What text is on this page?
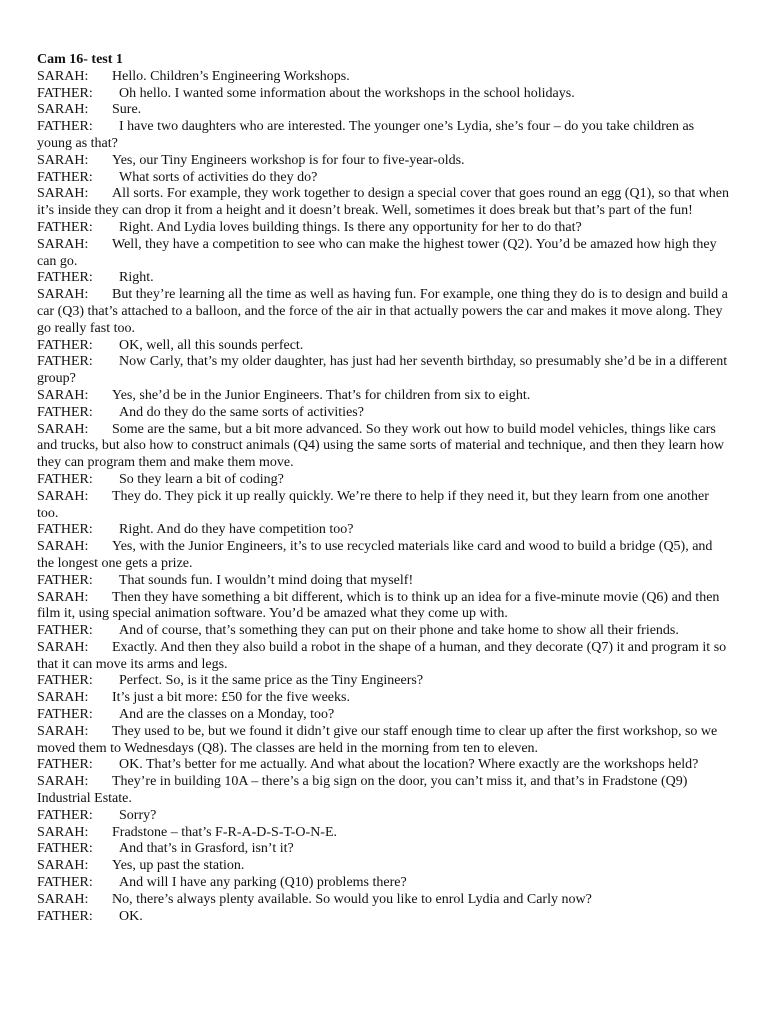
Cam 16- test 1

SARAH: Hello. Children’s Engineering Workshops.

FATHER: Oh hello. I wanted some information about the workshops in the school holidays.

SARAH: Sure.

FATHER: I have two daughters who are interested. The younger one’s Lydia, she’s four – do you take children as young as that?

SARAH: Yes, our Tiny Engineers workshop is for four to five-year-olds.

FATHER: What sorts of activities do they do?

SARAH: All sorts. For example, they work together to design a special cover that goes round an egg (Q1), so that when it’s inside they can drop it from a height and it doesn’t break. Well, sometimes it does break but that’s part of the fun!

FATHER: Right. And Lydia loves building things. Is there any opportunity for her to do that?

SARAH: Well, they have a competition to see who can make the highest tower (Q2). You’d be amazed how high they can go.

FATHER: Right.

SARAH: But they’re learning all the time as well as having fun. For example, one thing they do is to design and build a car (Q3) that’s attached to a balloon, and the force of the air in that actually powers the car and makes it move along. They go really fast too.

FATHER: OK, well, all this sounds perfect.

FATHER: Now Carly, that’s my older daughter, has just had her seventh birthday, so presumably she’d be in a different group?

SARAH: Yes, she’d be in the Junior Engineers. That’s for children from six to eight.

FATHER: And do they do the same sorts of activities?

SARAH: Some are the same, but a bit more advanced. So they work out how to build model vehicles, things like cars and trucks, but also how to construct animals (Q4) using the same sorts of material and technique, and then they learn how they can program them and make them move.

FATHER: So they learn a bit of coding?

SARAH: They do. They pick it up really quickly. We’re there to help if they need it, but they learn from one another too.

FATHER: Right. And do they have competition too?

SARAH: Yes, with the Junior Engineers, it’s to use recycled materials like card and wood to build a bridge (Q5), and the longest one gets a prize.

FATHER: That sounds fun. I wouldn’t mind doing that myself!

SARAH: Then they have something a bit different, which is to think up an idea for a five-minute movie (Q6) and then film it, using special animation software. You’d be amazed what they come up with.

FATHER: And of course, that’s something they can put on their phone and take home to show all their friends.

SARAH: Exactly. And then they also build a robot in the shape of a human, and they decorate (Q7) it and program it so that it can move its arms and legs.

FATHER: Perfect. So, is it the same price as the Tiny Engineers?

SARAH: It’s just a bit more: £50 for the five weeks.

FATHER: And are the classes on a Monday, too?

SARAH: They used to be, but we found it didn’t give our staff enough time to clear up after the first workshop, so we moved them to Wednesdays (Q8). The classes are held in the morning from ten to eleven.

FATHER: OK. That’s better for me actually. And what about the location? Where exactly are the workshops held?

SARAH: They’re in building 10A – there’s a big sign on the door, you can’t miss it, and that’s in Fradstone (Q9) Industrial Estate.

FATHER: Sorry?

SARAH: Fradstone – that’s F-R-A-D-S-T-O-N-E.

FATHER: And that’s in Grasford, isn’t it?

SARAH: Yes, up past the station.

FATHER: And will I have any parking (Q10) problems there?

SARAH: No, there’s always plenty available. So would you like to enrol Lydia and Carly now?

FATHER: OK.
